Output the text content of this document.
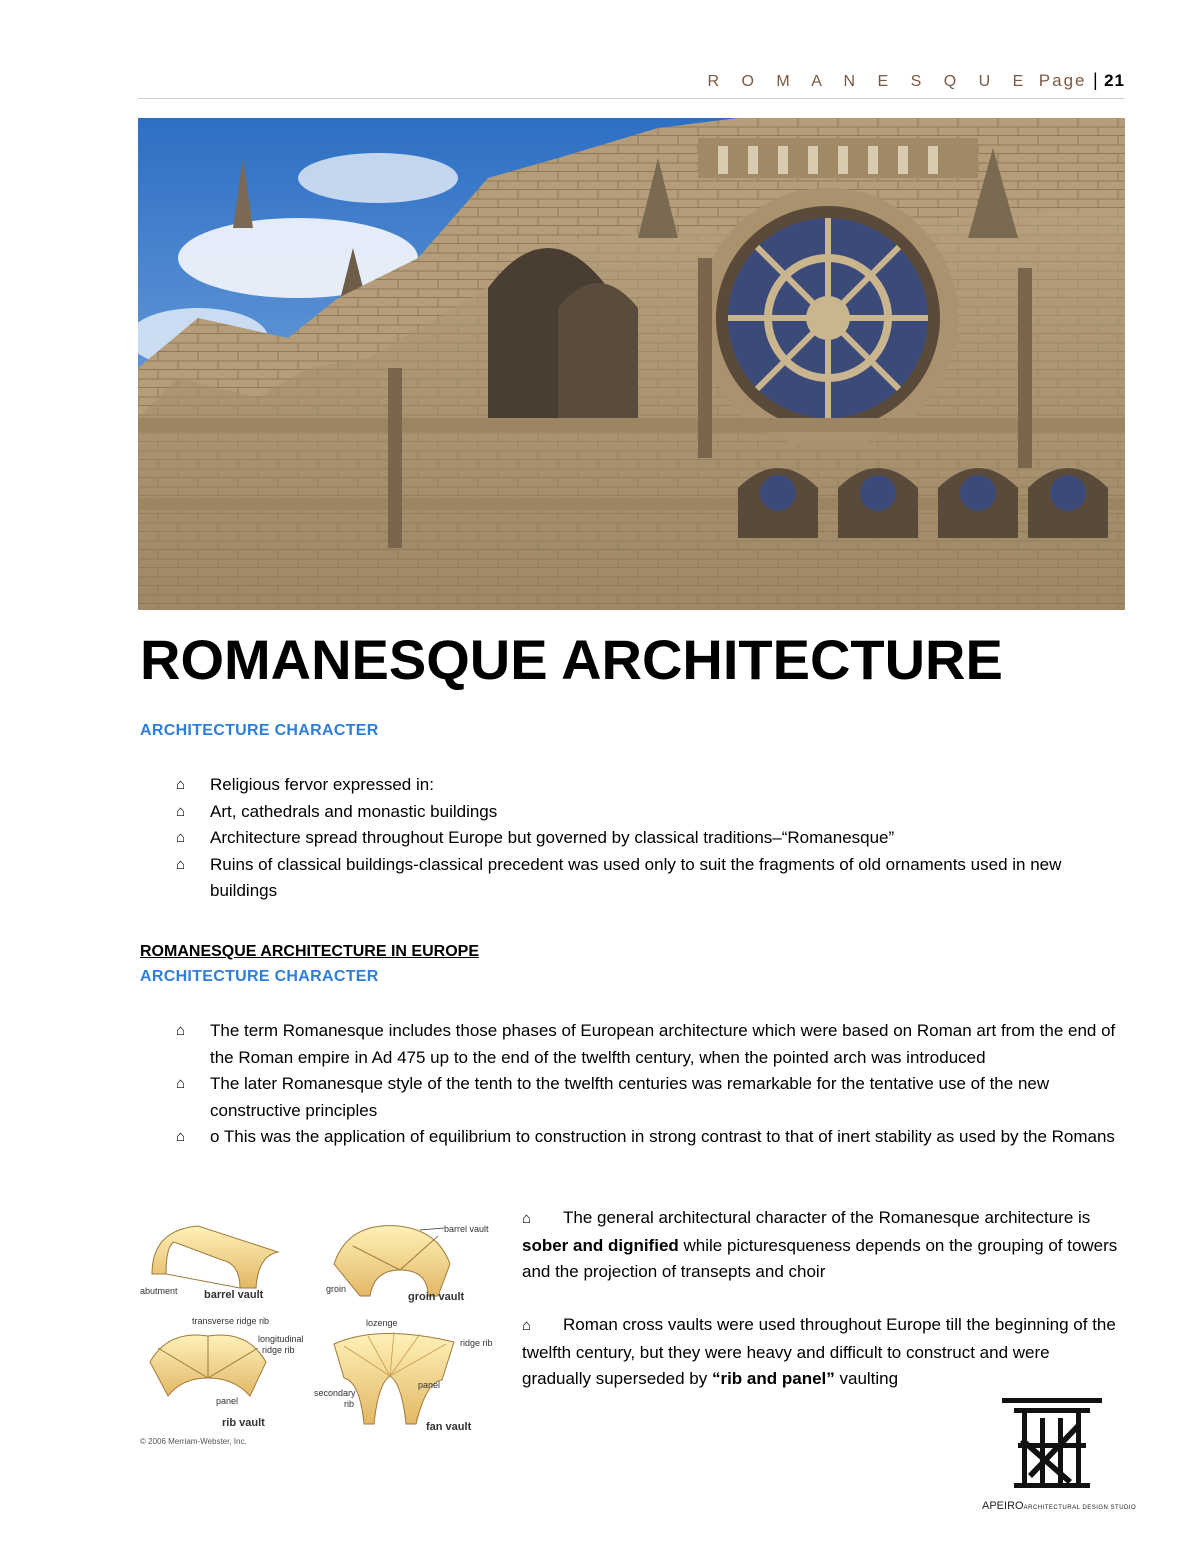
R O M A N E S Q U E Page | 21
ROMANESQUE ARCHITECTURE
ARCHITECTURE CHARACTER
⌂ Religious fervor expressed in:
⌂ Art, cathedrals and monastic buildings
⌂ Architecture spread throughout Europe but governed by classical traditions–“Romanesque”
⌂ Ruins of classical buildings-classical precedent was used only to suit the fragments of old ornaments used in new buildings
ROMANESQUE ARCHITECTURE IN EUROPE
ARCHITECTURE CHARACTER
⌂ The term Romanesque includes those phases of European architecture which were based on Roman art from the end of the Roman empire in Ad 475 up to the end of the twelfth century, when the pointed arch was introduced
⌂ The later Romanesque style of the tenth to the twelfth centuries was remarkable for the tentative use of the new constructive principles
⌂ o This was the application of equilibrium to construction in strong contrast to that of inert stability as used by the Romans

⌂ The general architectural character of the Romanesque architecture is sober and dignified while picturesqueness depends on the grouping of towers and the projection of transepts and choir

⌂ Roman cross vaults were used throughout Europe till the beginning of the twelfth century, but they were heavy and difficult to construct and were gradually superseded by “rib and panel” vaulting

abutment barrel vault
barrel vault
groin
groin vault
transverse ridge rib
longitudinal
ridge rib
panel
rib vault
© 2006 Merriam-Webster, Inc.
lozenge
ridge rib
panel
secondary
rib
fan vault
APEIROARCHITECTURAL DESIGN STUDIO
